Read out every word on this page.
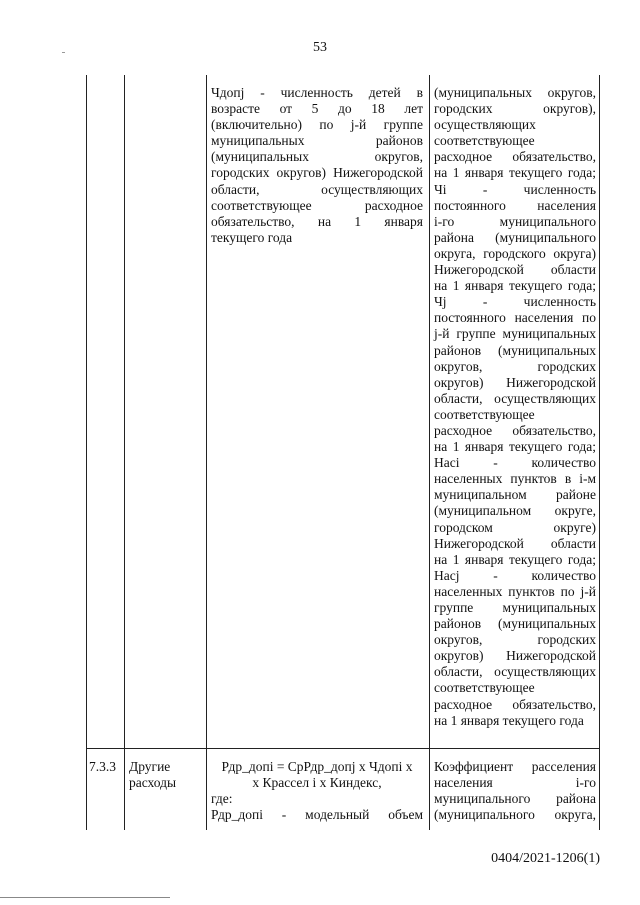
53
Чдопj - численность детей в
возрасте от 5 до 18 лет
(включительно) по j-й группе
муниципальных районов
(муниципальных округов,
городских округов) Нижегородской
области, осуществляющих
соответствующее расходное
обязательство, на 1 января
текущего года
(муниципальных округов,
городских округов),
осуществляющих
соответствующее
расходное обязательство,
на 1 января текущего года;
Чi - численность
постоянного населения
i-го муниципального
района (муниципального
округа, городского округа)
Нижегородской области
на 1 января текущего года;
Чj - численность
постоянного населения по
j-й группе муниципальных
районов (муниципальных
округов, городских
округов) Нижегородской
области, осуществляющих
соответствующее
расходное обязательство,
на 1 января текущего года;
Насi - количество
населенных пунктов в i-м
муниципальном районе
(муниципальном округе,
городском округе)
Нижегородской области
на 1 января текущего года;
Насj - количество
населенных пунктов по j-й
группе муниципальных
районов (муниципальных
округов, городских
округов) Нижегородской
области, осуществляющих
соответствующее
расходное обязательство,
на 1 января текущего года
7.3.3 Другие
расходы
Рдр_допi = СрРдр_допj x Чдопi x
x Крассел i x Киндекс,
где:
Рдр_допi - модельный объем
Коэффициент расселения
населения i-го
муниципального района
(муниципального округа,
0404/2021-1206(1)
